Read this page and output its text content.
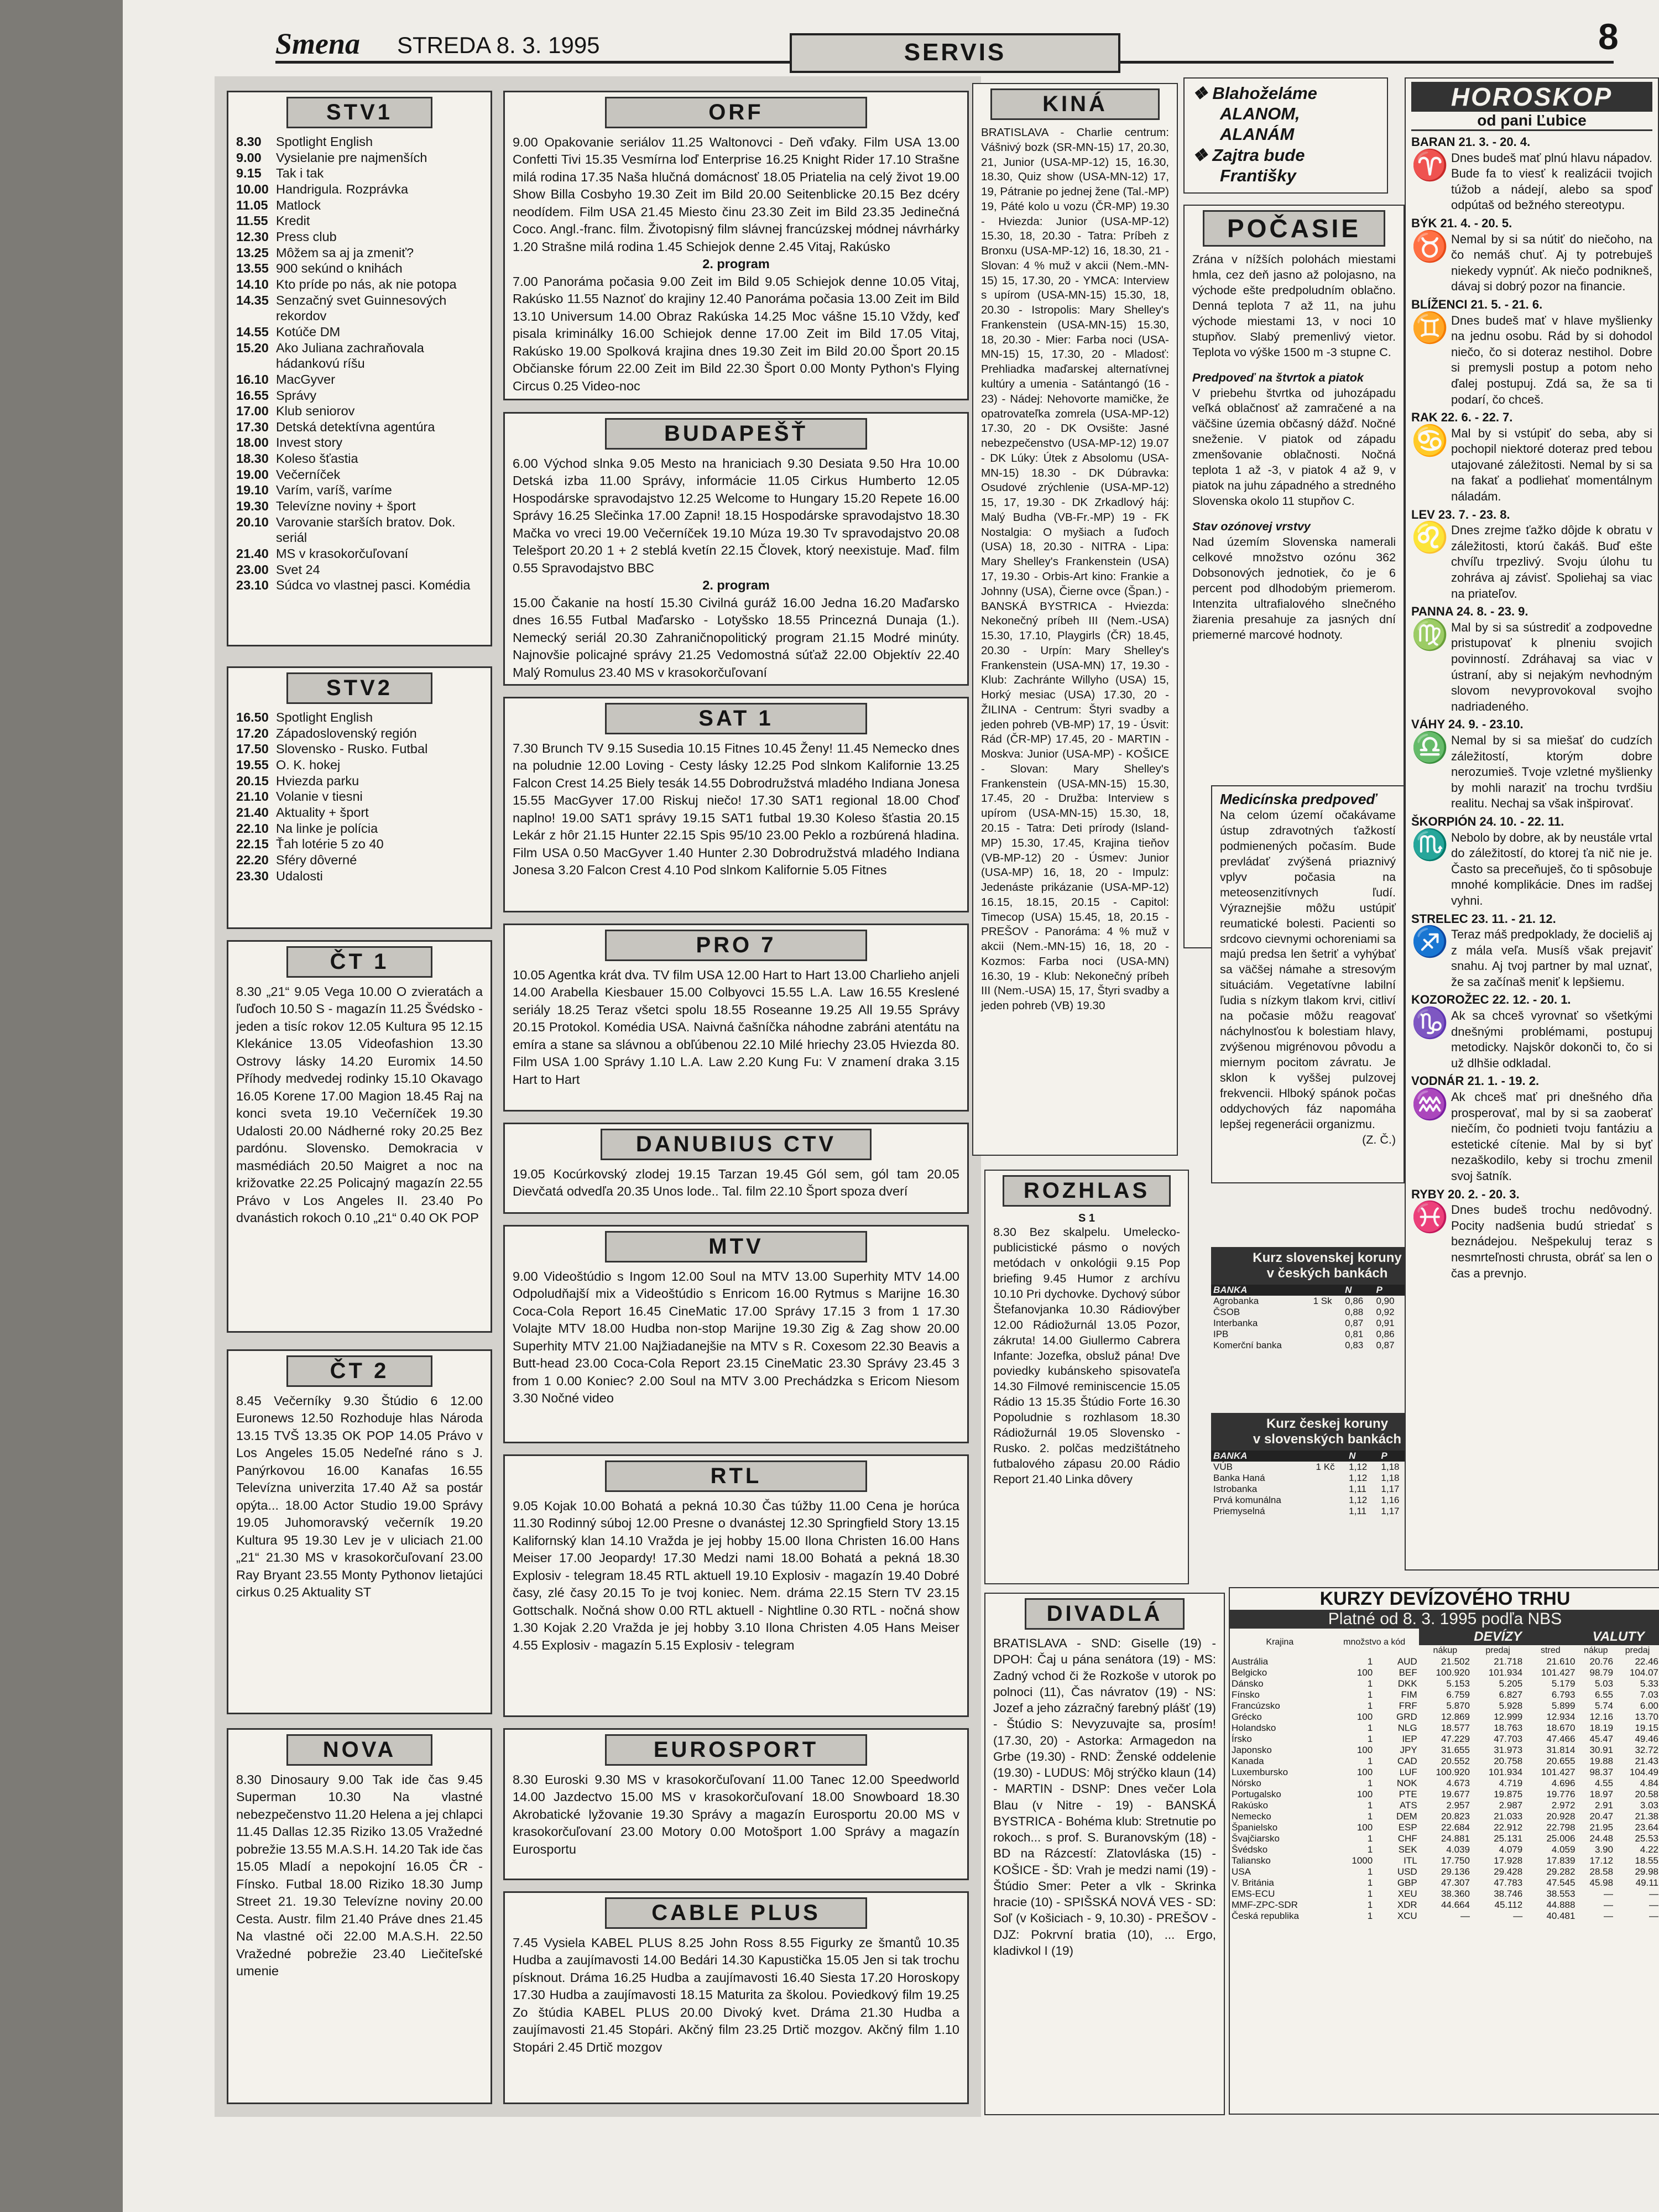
Smena STREDA 8. 3. 1995	SERVIS	8
STV1
8.30	Spotlight English
9.00	Vysielanie pre najmenších
9.15	Tak i tak
10.00 Handrigula. Rozprávka
11.05 Matlock
11.55 Kredit
12.30 Press club
13.25 Môžem sa aj ja zmeniť?
13.55 900 sekúnd o knihách
14.10 Kto príde po nás, ak nie potopa
14.35 Senzačný svet Guinnesových rekordov
14.55 Kotúče DM
15.20 Ako Juliana zachraňovala hádankovú ríšu
16.10 MacGyver
16.55 Správy
17.00 Klub seniorov
17.30 Detská detektívna agentúra
18.00 Invest story
18.30 Koleso šťastia
19.00 Večerníček
19.10 Varím, varíš, varíme
19.30 Televízne noviny + šport
20.10 Varovanie starších bratov. Dok. seriál
21.40 MS v krasokorčuľovaní
23.00 Svet 24
23.10 Súdca vo vlastnej pasci. Komédia
STV2
16.50 Spotlight English
17.20 Západoslovenský región
17.50 Slovensko - Rusko. Futbal
19.55 O. K. hokej
20.15 Hviezda parku
21.10 Volanie v tiesni
21.40 Aktuality + šport
22.10 Na linke je polícia
22.15 Ťah lotérie 5 zo 40
22.20 Sféry dôverné
23.30 Udalosti
ČT 1
8.30 „21“ 9.05 Vega 10.00 O zvieratách a ľuďoch 10.50 S - magazín 11.25 Švédsko - jeden a tisíc rokov 12.05 Kultura 95 12.15 Klekánice 13.05 Videofashion 13.30 Ostrovy lásky 14.20 Euromix 14.50 Příhody medvedej rodinky 15.10 Okavago 16.05 Korene 17.00 Magion 18.45 Raj na konci sveta 19.10 Večerníček 19.30 Udalosti 20.00 Nádherné roky 20.25 Bez pardónu. Slovensko. Demokracia v masmédiách 20.50 Maigret a noc na križovatke 22.25 Policajný magazín 22.55 Právo v Los Angeles II. 23.40 Po dvanástich rokoch 0.10 „21“ 0.40 OK POP
ČT 2
8.45 Večerníky 9.30 Štúdio 6 12.00 Euronews 12.50 Rozhoduje hlas Národa 13.15 TVŠ 13.35 OK POP 14.05 Právo v Los Angeles 15.05 Nedeľné ráno s J. Panýrkovou 16.00 Kanafas 16.55 Televízna univerzita 17.40 Až sa postár opýta... 18.00 Actor Studio 19.00 Správy 19.05 Juhomoravský večerník 19.20 Kultura 95 19.30 Lev je v uliciach 21.00 „21“ 21.30 MS v krasokorčuľovaní 23.00 Ray Bryant 23.55 Monty Pythonov lietajúci cirkus 0.25 Aktuality ST
NOVA
8.30 Dinosaury 9.00 Tak ide čas 9.45 Superman 10.30 Na vlastné nebezpečenstvo 11.20 Helena a jej chlapci 11.45 Dallas 12.35 Riziko 13.05 Vražedné pobrežie 13.55 M.A.S.H. 14.20 Tak ide čas 15.05 Mladí a nepokojní 16.05 ČR - Fínsko. Futbal 18.00 Riziko 18.30 Jump Street 21. 19.30 Televízne noviny 20.00 Cesta. Austr. film 21.40 Práve dnes 21.45 Na vlastné oči 22.00 M.A.S.H. 22.50 Vražedné pobrežie 23.40 Liečiteľské umenie
ORF
9.00 Opakovanie seriálov 11.25 Waltonovci - Deň vďaky. Film USA 13.00 Confetti Tivi 15.35 Vesmírna loď Enterprise 16.25 Knight Rider 17.10 Strašne milá rodina 17.35 Naša hlučná domácnosť 18.05 Priatelia na celý život 19.00 Show Billa Cosbyho 19.30 Zeit im Bild 20.00 Seitenblicke 20.15 Bez dcéry neodídem. Film USA 21.45 Miesto činu 23.30 Zeit im Bild 23.35 Jedinečná Coco. Angl.-franc. film. Životopisný film slávnej francúzskej módnej návrhárky 1.20 Strašne milá rodina 1.45 Schiejok denne 2.45 Vitaj, Rakúsko
2. program
7.00 Panoráma počasia 9.00 Zeit im Bild 9.05 Schiejok denne 10.05 Vitaj, Rakúsko 11.55 Naznoť do krajiny 12.40 Panoráma počasia 13.00 Zeit im Bild 13.10 Universum 14.00 Obraz Rakúska 14.25 Moc vášne 15.10 Vždy, keď pisala kriminálky 16.00 Schiejok denne 17.00 Zeit im Bild 17.05 Vitaj, Rakúsko 19.00 Spolková krajina dnes 19.30 Zeit im Bild 20.00 Šport 20.15 Občianske fórum 22.00 Zeit im Bild 22.30 Šport 0.00 Monty Python's Flying Circus 0.25 Video-noc
BUDAPEŠŤ
6.00 Východ slnka 9.05 Mesto na hraniciach 9.30 Desiata 9.50 Hra 10.00 Detská izba 11.00 Správy, informácie 11.05 Cirkus Humberto 12.05 Hospodárske spravodajstvo 12.25 Welcome to Hungary 15.20 Repete 16.00 Správy 16.25 Slečinka 17.00 Zapni! 18.15 Hospodárske spravodajstvo 18.30 Mačka vo vreci 19.00 Večerníček 19.10 Múza 19.30 Tv spravodajstvo 20.08 Telešport 20.20 1 + 2 steblá kvetín 22.15 Človek, ktorý neexistuje. Maď. film 0.55 Spravodajstvo BBC
2. program
15.00 Čakanie na hostí 15.30 Civilná guráž 16.00 Jedna 16.20 Maďarsko dnes 16.55 Futbal Maďarsko - Lotyšsko 18.55 Princezná Dunaja (1.). Nemecký seriál 20.30 Zahraničnopolitický program 21.15 Modré minúty. Najnovšie policajné správy 21.25 Vedomostná súťaž 22.00 Objektív 22.40 Malý Romulus 23.40 MS v krasokorčuľovaní
SAT 1
7.30 Brunch TV 9.15 Susedia 10.15 Fitnes 10.45 Ženy! 11.45 Nemecko dnes na poludnie 12.00 Loving - Cesty lásky 12.25 Pod slnkom Kalifornie 13.25 Falcon Crest 14.25 Biely tesák 14.55 Dobrodružstvá mladého Indiana Jonesa 15.55 MacGyver 17.00 Riskuj niečo! 17.30 SAT1 regional 18.00 Choď naplno! 19.00 SAT1 správy 19.15 SAT1 futbal 19.30 Koleso šťastia 20.15 Lekár z hôr 21.15 Hunter 22.15 Spis 95/10 23.00 Peklo a rozbúrená hladina. Film USA 0.50 MacGyver 1.40 Hunter 2.30 Dobrodružstvá mladého Indiana Jonesa 3.20 Falcon Crest 4.10 Pod slnkom Kalifornie 5.05 Fitnes
PRO 7
10.05 Agentka krát dva. TV film USA 12.00 Hart to Hart 13.00 Charlieho anjeli 14.00 Arabella Kiesbauer 15.00 Colbyovci 15.55 L.A. Law 16.55 Kreslené seriály 18.25 Teraz všetci spolu 18.55 Roseanne 19.25 All 19.55 Správy 20.15 Protokol. Komédia USA. Naivná čašníčka náhodne zabráni atentátu na emíra a stane sa slávnou a obľúbenou 22.10 Milé hriechy 23.05 Hviezda 80. Film USA 1.00 Správy 1.10 L.A. Law 2.20 Kung Fu: V znamení draka 3.15 Hart to Hart
DANUBIUS CTV
19.05 Kocúrkovský zlodej 19.15 Tarzan 19.45 Gól sem, gól tam 20.05 Dievčatá odvedľa 20.35 Unos lode.. Tal. film 22.10 Šport spoza dverí
MTV
9.00 Videoštúdio s Ingom 12.00 Soul na MTV 13.00 Superhity MTV 14.00 Odpoludňajší mix a Videoštúdio s Enricom 16.00 Rytmus s Marijne 16.30 Coca-Cola Report 16.45 CineMatic 17.00 Správy 17.15 3 from 1 17.30 Volajte MTV 18.00 Hudba non-stop Marijne 19.30 Zig & Zag show 20.00 Superhity MTV 21.00 Najžiadanejšie na MTV s R. Coxesom 22.30 Beavis a Butt-head 23.00 Coca-Cola Report 23.15 CineMatic 23.30 Správy 23.45 3 from 1 0.00 Koniec? 2.00 Soul na MTV 3.00 Prechádzka s Ericom Niesom 3.30 Nočné video
RTL
9.05 Kojak 10.00 Bohatá a pekná 10.30 Čas túžby 11.00 Cena je horúca 11.30 Rodinný súboj 12.00 Presne o dvanástej 12.30 Springfield Story 13.15 Kalifornský klan 14.10 Vražda je jej hobby 15.00 Ilona Christen 16.00 Hans Meiser 17.00 Jeopardy! 17.30 Medzi nami 18.00 Bohatá a pekná 18.30 Explosiv - telegram 18.45 RTL aktuell 19.10 Explosiv - magazín 19.40 Dobré časy, zlé časy 20.15 To je tvoj koniec. Nem. dráma 22.15 Stern TV 23.15 Gottschalk. Nočná show 0.00 RTL aktuell - Nightline 0.30 RTL - nočná show 1.30 Kojak 2.20 Vražda je jej hobby 3.10 Ilona Christen 4.05 Hans Meiser 4.55 Explosiv - magazín 5.15 Explosiv - telegram
EUROSPORT
8.30 Euroski 9.30 MS v krasokorčuľovaní 11.00 Tanec 12.00 Speedworld 14.00 Jazdectvo 15.00 MS v krasokorčuľovaní 18.00 Snowboard 18.30 Akrobatické lyžovanie 19.30 Správy a magazín Eurosportu 20.00 MS v krasokorčuľovaní 23.00 Motory 0.00 Motošport 1.00 Správy a magazín Eurosportu
CABLE PLUS
7.45 Vysiela KABEL PLUS 8.25 John Ross 8.55 Figurky ze šmantů 10.35 Hudba a zaujímavosti 14.00 Bedári 14.30 Kapustička 15.05 Jen si tak trochu písknout. Dráma 16.25 Hudba a zaujímavosti 16.40 Siesta 17.20 Horoskopy 17.30 Hudba a zaujímavosti 18.15 Maturita za školou. Poviedkový film 19.25 Zo štúdia KABEL PLUS 20.00 Divoký kvet. Dráma 21.30 Hudba a zaujímavosti 21.45 Stopári. Akčný film 23.25 Drtič mozgov. Akčný film 1.10 Stopári 2.45 Drtič mozgov
KINÁ
BRATISLAVA - Charlie centrum: Vášnivý bozk (SR-MN-15) 17, 20.30, 21, Junior (USA-MP-12) 15, 16.30, 18.30, Quiz show (USA-MN-12) 17, 19, Pátranie po jednej žene (Tal.-MP) 19, Páté kolo u vozu (ČR-MP) 19.30 - Hviezda: Junior (USA-MP-12) 15.30, 18, 20.30 - Tatra: Príbeh z Bronxu (USA-MP-12) 16, 18.30, 21 - Slovan: 4 % muž v akcii (Nem.-MN-15) 15, 17.30, 20 - YMCA: Interview s upírom (USA-MN-15) 15.30, 18, 20.30 - Istropolis: Mary Shelley's Frankenstein (USA-MN-15) 15.30, 18, 20.30 - Mier: Farba noci (USA-MN-15) 15, 17.30, 20 - Mladosť: Prehliadka maďarskej alternatívnej kultúry a umenia - Satántangó (16 - 23) - Nádej: Nehovorte mamičke, že opatrovateľka zomrela (USA-MP-12) 17.30, 20 - DK Ovsište: Jasné nebezpečenstvo (USA-MP-12) 19.07 - DK Lúky: Útek z Absolomu (USA-MN-15) 18.30 - DK Dúbravka: Osudové zrýchlenie (USA-MP-12) 15, 17, 19.30 - DK Zrkadlový háj: Malý Budha (VB-Fr.-MP) 19 - FK Nostalgia: O myšiach a ľuďoch (USA) 18, 20.30 - NITRA - Lipa: Mary Shelley's Frankenstein (USA) 17, 19.30 - Orbis-Art kino: Frankie a Johnny (USA), Čierne ovce (Špan.) - BANSKÁ BYSTRICA - Hviezda: Nekonečný príbeh III (Nem.-USA) 15.30, 17.10, Playgirls (ČR) 18.45, 20.30 - Urpín: Mary Shelley's Frankenstein (USA-MN) 17, 19.30 - Klub: Zachránte Willyho (USA) 15, Horký mesiac (USA) 17.30, 20 - ŽILINA - Centrum: Štyri svadby a jeden pohreb (VB-MP) 17, 19 - Úsvit: Rád (ČR-MP) 17.45, 20 - MARTIN - Moskva: Junior (USA-MP) - KOŠICE - Slovan: Mary Shelley's Frankenstein (USA-MN-15) 15.30, 17.45, 20 - Družba: Interview s upírom (USA-MN-15) 15.30, 18, 20.15 - Tatra: Deti prírody (Island-MP) 15.30, 17.45, Krajina tieňov (VB-MP-12) 20 - Úsmev: Junior (USA-MP) 16, 18, 20 - Impulz: Jedenáste prikázanie (USA-MP-12) 16.15, 18.15, 20.15 - Capitol: Timecop (USA) 15.45, 18, 20.15 - PREŠOV - Panoráma: 4 % muž v akcii (Nem.-MN-15) 16, 18, 20 - Kozmos: Farba noci (USA-MN) 16.30, 19 - Klub: Nekonečný príbeh III (Nem.-USA) 15, 17, Štyri svadby a jeden pohreb (VB) 19.30
ROZHLAS
S 1
8.30 Bez skalpelu. Umelecko-publicistické pásmo o nových metódach v onkológii 9.15 Pop briefing 9.45 Humor z archívu 10.10 Pri dychovke. Dychový súbor Štefanovjanka 10.30 Rádiovýber 12.00 Rádiožurnál 13.05 Pozor, zákruta! 14.00 Giullermo Cabrera Infante: Jozefka, obsluž pána! Dve poviedky kubánskeho spisovateľa 14.30 Filmové reminiscencie 15.05 Rádio 13 15.35 Štúdio Forte 16.30 Popoludnie s rozhlasom 18.30 Rádiožurnál 19.05 Slovensko - Rusko. 2. polčas medzištátneho futbalového zápasu 20.00 Rádio Report 21.40 Linka dôvery
DIVADLÁ
BRATISLAVA - SND: Giselle (19) - DPOH: Čaj u pána senátora (19) - MS: Zadný vchod či že Rozkoše v utorok po polnoci (11), Čas návratov (19) - NS: Jozef a jeho zázračný farebný plášť (19) - Štúdio S: Nevyzuvajte sa, prosím! (17.30, 20) - Astorka: Armagedon na Grbe (19.30) - RND: Ženské oddelenie (19.30) - LUDUS: Môj strýčko klaun (14) - MARTIN - DSNP: Dnes večer Lola Blau (v Nitre - 19) - BANSKÁ BYSTRICA - Bohéma klub: Stretnutie po rokoch... s prof. S. Buranovským (18) - BD na Rázcestí: Zlatovláska (15) - KOŠICE - ŠD: Vrah je medzi nami (19) - Štúdio Smer: Peter a vlk - Skrinka hracie (10) - SPIŠSKÁ NOVÁ VES - SD: Soľ (v Košiciach - 9, 10.30) - PREŠOV - DJZ: Pokrvní bratia (10), ... Ergo, kladivkol I (19)
❖ Blahoželáme
ALANOM,
ALANÁM
❖ Zajtra bude
Františky
POČASIE
Zrána v nížších polohách miestami hmla, cez deň jasno až polojasno, na východe ešte predpoludním oblačno. Denná teplota 7 až 11, na juhu východe miestami 13, v noci 10 stupňov. Slabý premenlivý vietor. Teplota vo výške 1500 m -3 stupne C.
Predpoveď na štvrtok a piatok
V priebehu štvrtka od juhozápadu veľká oblačnosť až zamračené a na väčšine územia občasný dážď. Nočné sneženie. V piatok od západu zmenšovanie oblačnosti. Nočná teplota 1 až -3, v piatok 4 až 9, v piatok na juhu západného a stredného Slovenska okolo 11 stupňov C.
Stav ozónovej vrstvy
Nad územím Slovenska namerali celkové množstvo ozónu 362 Dobsonových jednotiek, čo je 6 percent pod dlhodobým priemerom. Intenzita ultrafialového slnečného žiarenia presahuje za jasných dní priemerné marcové hodnoty.
Medicínska predpoveď
Na celom území očakávame ústup zdravotných ťažkostí podmienených počasím. Bude prevládať zvýšená priaznivý vplyv počasia na meteosenzitívnych ľudí. Výraznejšie môžu ustúpiť reumatické bolesti. Pacienti so srdcovo cievnymi ochoreniami sa majú predsa len šetriť a vyhýbať sa väčšej námahe a stresovým situáciám. Vegetatívne labilní ľudia s nízkym tlakom krvi, citliví na počasie môžu reagovať náchylnosťou k bolestiam hlavy, zvýšenou migrénovou pôvodu a miernym pocitom závratu. Je sklon k vyššej pulzovej frekvencii. Hlboký spánok počas oddychových fáz napomáha lepšej regenerácii organizmu.
(Z. Č.)
Kurz slovenskej koruny
v českých bankách
BANKA		N	P	
Agrobanka	1 Sk	0,86	0,90	
ČSOB		0,88	0,92	
Interbanka		0,87	0,91	
IPB		0,81	0,86	
Komerční banka		0,83	0,87	
Kurz českej koruny
v slovenských bankách
BANKA		N	P	
VÚB	1 Kč	1,12	1,18	
Banka Haná		1,12	1,18	
Istrobanka		1,11	1,17	
Prvá komunálna		1,12	1,16	
Priemyselná		1,11	1,17	
HOROSKOP
od pani Ľubice
BARAN 21. 3. - 20. 4.
♈ Dnes budeš mať plnú hlavu nápadov. Bude fa to viesť k realizácii tvojich túžob a nádejí, alebo sa spoď odpútaš od bežného stereotypu.
BÝK 21. 4. - 20. 5.
♉ Nemal by si sa nútiť do niečoho, na čo nemáš chuť. Aj ty potrebuješ niekedy vypnúť. Ak niečo podnikneš, dávaj si dobrý pozor na financie.
BLÍŽENCI 21. 5. - 21. 6.
♊ Dnes budeš mať v hlave myšlienky na jednu osobu. Rád by si dohodol niečo, čo si doteraz nestihol. Dobre si premysli postup a potom neho ďalej postupuj. Zdá sa, že sa ti podarí, čo chceš.
RAK 22. 6. - 22. 7.
♋ Mal by si vstúpiť do seba, aby si pochopil niektoré doteraz pred tebou utajované záležitosti. Nemal by si sa na fakať a podliehať momentálnym náladám.
LEV 23. 7. - 23. 8.
♌ Dnes zrejme ťažko dôjde k obratu v záležitosti, ktorú čakáš. Buď ešte chvíľu trpezlivý. Svoju úlohu tu zohráva aj závisť. Spoliehaj sa viac na priateľov.
PANNA 24. 8. - 23. 9.
♍ Mal by si sa sústrediť a zodpovedne pristupovať k plneniu svojich povinností. Zdráhavaj sa viac v ústraní, aby si nejakým nevhodným slovom nevyprovokoval svojho nadriadeného.
VÁHY 24. 9. - 23.10.
♎ Nemal by si sa miešať do cudzích záležitostí, ktorým dobre nerozumieš. Tvoje vzletné myšlienky by mohli naraziť na trochu tvrdšiu realitu. Nechaj sa však inšpirovať.
ŠKORPIÓN 24. 10. - 22. 11.
♏ Nebolo by dobre, ak by neustále vrtal do záležitostí, do ktorej ťa nič nie je. Často sa preceňuješ, čo ti spôsobuje mnohé komplikácie. Dnes im radšej vyhni.
STRELEC 23. 11. - 21. 12.
♐ Teraz máš predpoklady, že docieliš aj z mála veľa. Musíš však prejaviť snahu. Aj tvoj partner by mal uznať, že sa začínaš meniť k lepšiemu.
KOZOROŽEC 22. 12. - 20. 1.
♑ Ak sa chceš vyrovnať so všetkými dnešnými problémami, postupuj metodicky. Najskôr dokonči to, čo si už dlhšie odkladal.
VODNÁR 21. 1. - 19. 2.
♒ Ak chceš mať pri dnešného dňa prosperovať, mal by si sa zaoberať niečím, čo podnieti tvoju fantáziu a estetické cítenie. Mal by si byť nezaškodilo, keby si trochu zmenil svoj šatník.
RYBY 20. 2. - 20. 3.
♓ Dnes budeš trochu nedôvodný. Pocity nadšenia budú striedať s beznádejou. Nešpekuluj teraz s nesmrteľnosti chrusta, obráť sa len o čas a prevnjo.
KURZY DEVÍZOVÉHO TRHU
Platné od 8. 3. 1995 podľa NBS
Krajina	množstvo a kód		DEVÍZY			VALUTY	
			nákup	predaj	stred	nákup	predaj
Austrália	1	AUD	21.502	21.718	21.610	20.76	22.46
Belgicko	100	BEF	100.920	101.934	101.427	98.79	104.07
Dánsko	1	DKK	5.153	5.205	5.179	5.03	5.33
Fínsko	1	FIM	6.759	6.827	6.793	6.55	7.03
Francúzsko	1	FRF	5.870	5.928	5.899	5.74	6.00
Grécko	100	GRD	12.869	12.999	12.934	12.16	13.70
Holandsko	1	NLG	18.577	18.763	18.670	18.19	19.15
Írsko	1	IEP	47.229	47.703	47.466	45.47	49.46
Japonsko	100	JPY	31.655	31.973	31.814	30.91	32.72
Kanada	1	CAD	20.552	20.758	20.655	19.88	21.43
Luxembursko	100	LUF	100.920	101.934	101.427	98.37	104.49
Nórsko	1	NOK	4.673	4.719	4.696	4.55	4.84
Portugalsko	100	PTE	19.677	19.875	19.776	18.97	20.58
Rakúsko	1	ATS	2.957	2.987	2.972	2.91	3.03
Nemecko	1	DEM	20.823	21.033	20.928	20.47	21.38
Španielsko	100	ESP	22.684	22.912	22.798	21.95	23.64
Švajčiarsko	1	CHF	24.881	25.131	25.006	24.48	25.53
Švédsko	1	SEK	4.039	4.079	4.059	3.90	4.22
Taliansko	1000	ITL	17.750	17.928	17.839	17.12	18.55
USA	1	USD	29.136	29.428	29.282	28.58	29.98
V. Británia	1	GBP	47.307	47.783	47.545	45.98	49.11
EMS-ECU	1	XEU	38.360	38.746	38.553	—	—
MMF-ZPC-SDR	1	XDR	44.664	45.112	44.888	—	—
Česká republika	1	XCU	—	—	40.481	—	—
